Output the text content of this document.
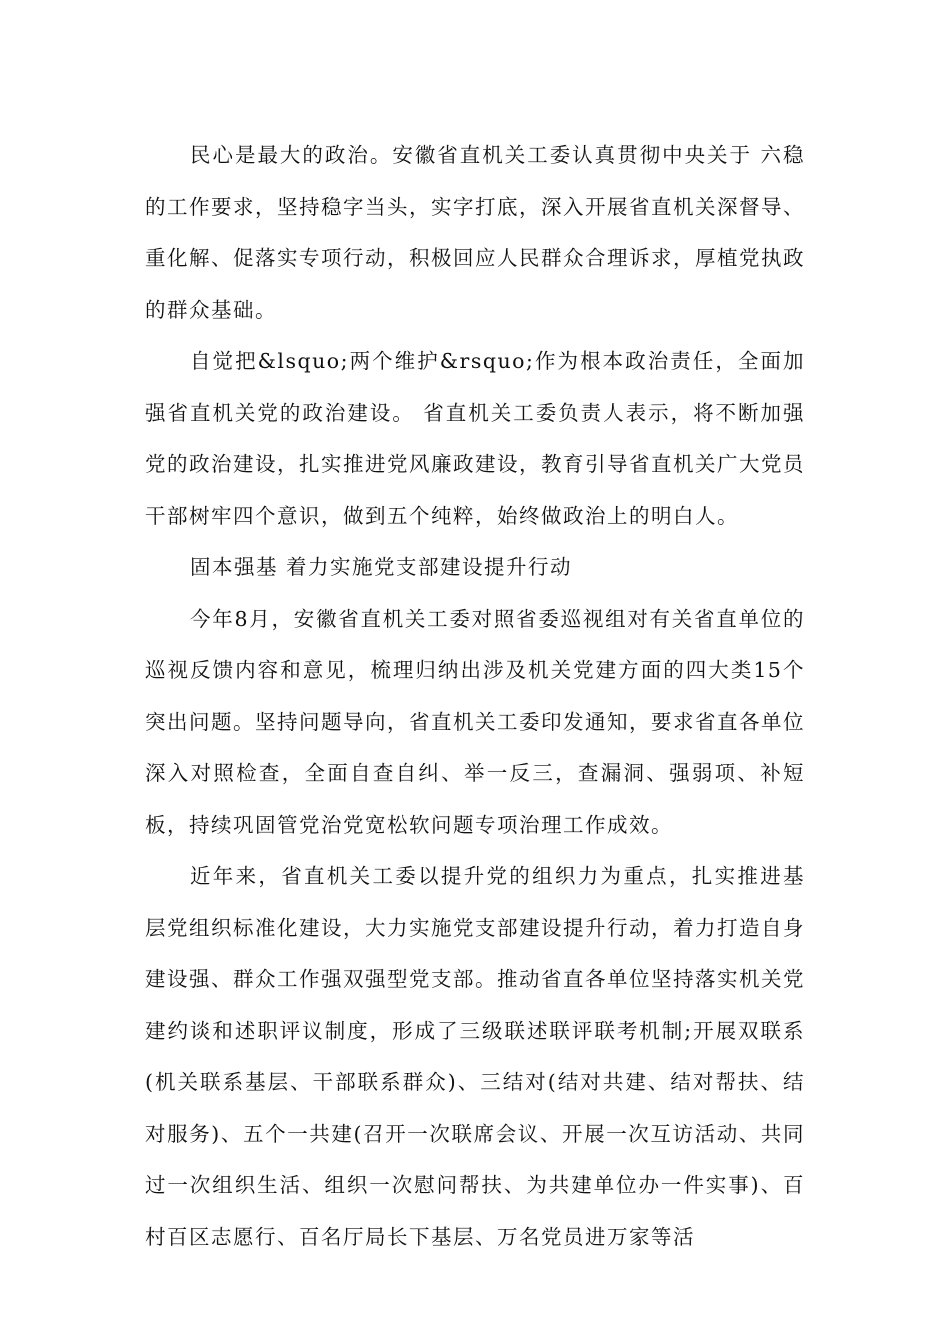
民心是最大的政治。安徽省直机关工委认真贯彻中央关于 六稳的工作要求，坚持稳字当头，实字打底，深入开展省直机关深督导、重化解、促落实专项行动，积极回应人民群众合理诉求，厚植党执政的群众基础。

自觉把&lsquo;两个维护&rsquo;作为根本政治责任，全面加强省直机关党的政治建设。 省直机关工委负责人表示，将不断加强党的政治建设，扎实推进党风廉政建设，教育引导省直机关广大党员干部树牢四个意识，做到五个纯粹，始终做政治上的明白人。

固本强基 着力实施党支部建设提升行动

今年8月，安徽省直机关工委对照省委巡视组对有关省直单位的巡视反馈内容和意见，梳理归纳出涉及机关党建方面的四大类15个突出问题。坚持问题导向，省直机关工委印发通知，要求省直各单位深入对照检查，全面自查自纠、举一反三，查漏洞、强弱项、补短板，持续巩固管党治党宽松软问题专项治理工作成效。

近年来，省直机关工委以提升党的组织力为重点，扎实推进基层党组织标准化建设，大力实施党支部建设提升行动，着力打造自身建设强、群众工作强双强型党支部。推动省直各单位坚持落实机关党建约谈和述职评议制度，形成了三级联述联评联考机制;开展双联系(机关联系基层、干部联系群众)、三结对(结对共建、结对帮扶、结对服务)、五个一共建(召开一次联席会议、开展一次互访活动、共同过一次组织生活、组织一次慰问帮扶、为共建单位办一件实事)、百村百区志愿行、百名厅局长下基层、万名党员进万家等活
